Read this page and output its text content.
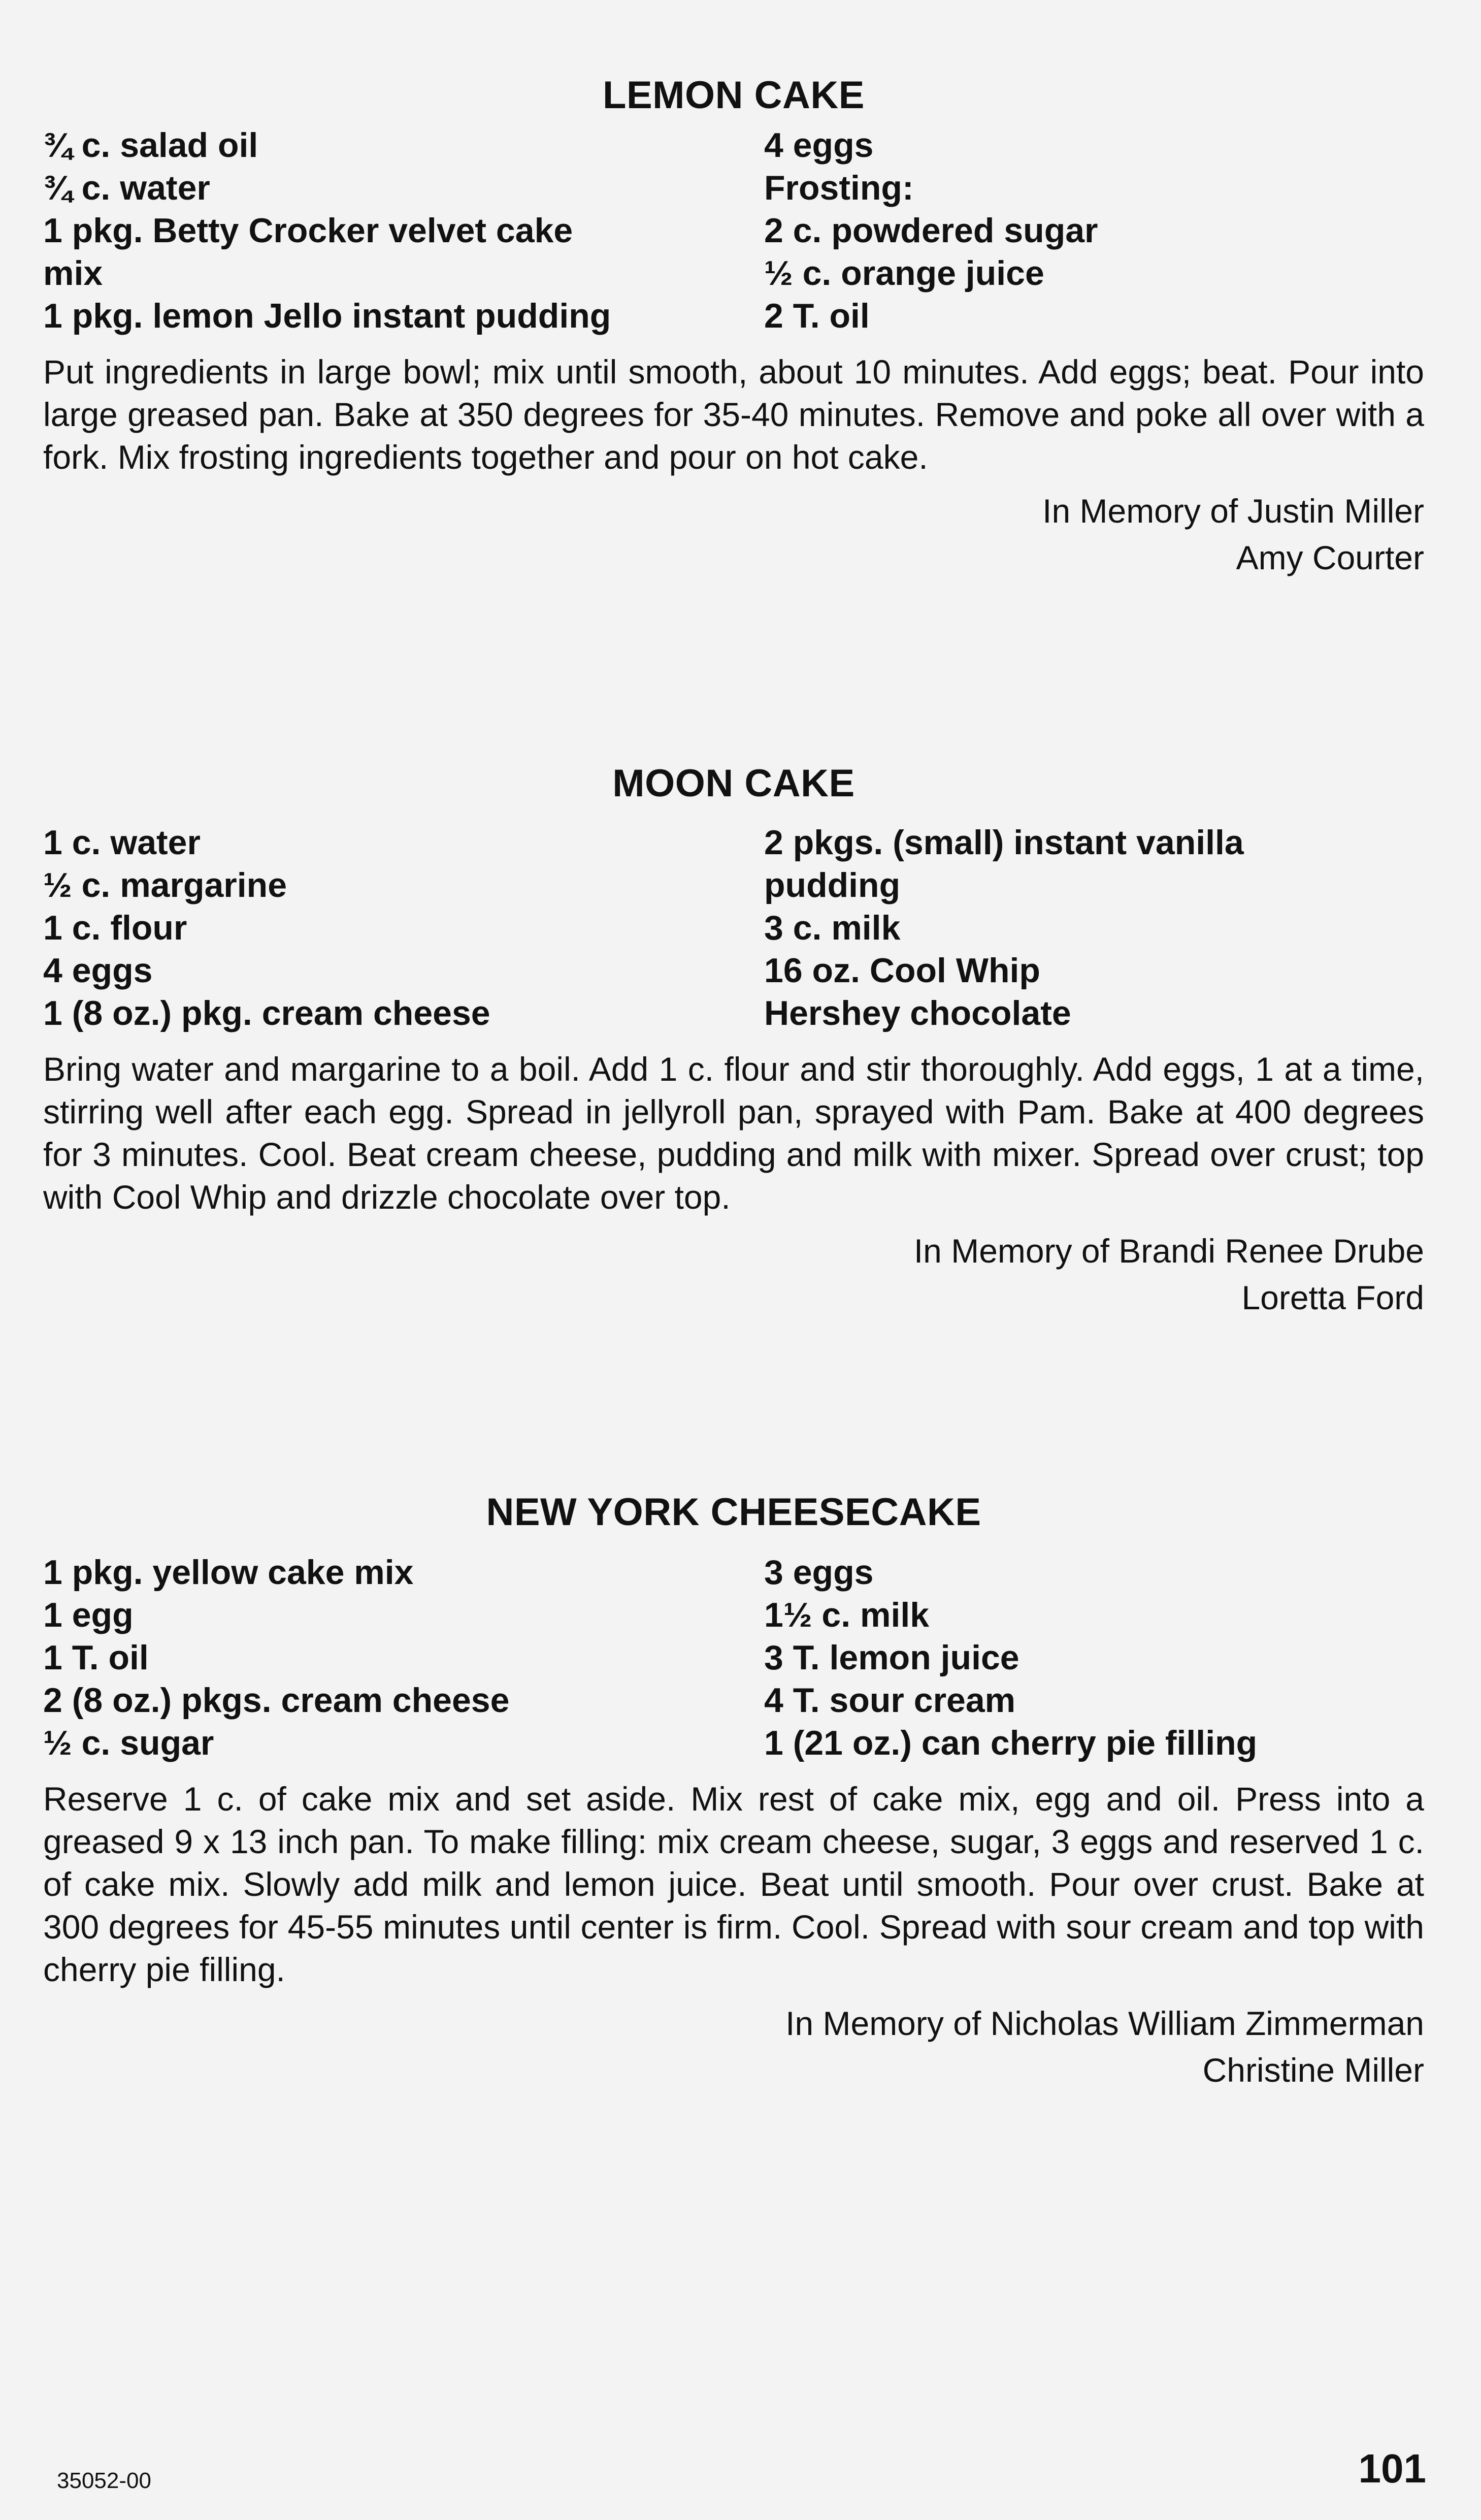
LEMON CAKE
¾ c. salad oil
¾ c. water
1 pkg. Betty Crocker velvet cake
mix
1 pkg. lemon Jello instant pudding
4 eggs
Frosting:
2 c. powdered sugar
½ c. orange juice
2 T. oil

Put ingredients in large bowl; mix until smooth, about 10 minutes. Add eggs; beat. Pour into large greased pan. Bake at 350 degrees for 35-40 minutes. Remove and poke all over with a fork. Mix frosting ingredients together and pour on hot cake.

In Memory of Justin Miller
Amy Courter
MOON CAKE
1 c. water
½ c. margarine
1 c. flour
4 eggs
1 (8 oz.) pkg. cream cheese
2 pkgs. (small) instant vanilla
pudding
3 c. milk
16 oz. Cool Whip
Hershey chocolate

Bring water and margarine to a boil. Add 1 c. flour and stir thoroughly. Add eggs, 1 at a time, stirring well after each egg. Spread in jellyroll pan, sprayed with Pam. Bake at 400 degrees for 3 minutes. Cool. Beat cream cheese, pudding and milk with mixer. Spread over crust; top with Cool Whip and drizzle chocolate over top.

In Memory of Brandi Renee Drube
Loretta Ford
NEW YORK CHEESECAKE
1 pkg. yellow cake mix
1 egg
1 T. oil
2 (8 oz.) pkgs. cream cheese
½ c. sugar
3 eggs
1½ c. milk
3 T. lemon juice
4 T. sour cream
1 (21 oz.) can cherry pie filling

Reserve 1 c. of cake mix and set aside. Mix rest of cake mix, egg and oil. Press into a greased 9 x 13 inch pan. To make filling: mix cream cheese, sugar, 3 eggs and reserved 1 c. of cake mix. Slowly add milk and lemon juice. Beat until smooth. Pour over crust. Bake at 300 degrees for 45-55 minutes until center is firm. Cool. Spread with sour cream and top with cherry pie filling.

In Memory of Nicholas William Zimmerman
Christine Miller
35052-00	101
